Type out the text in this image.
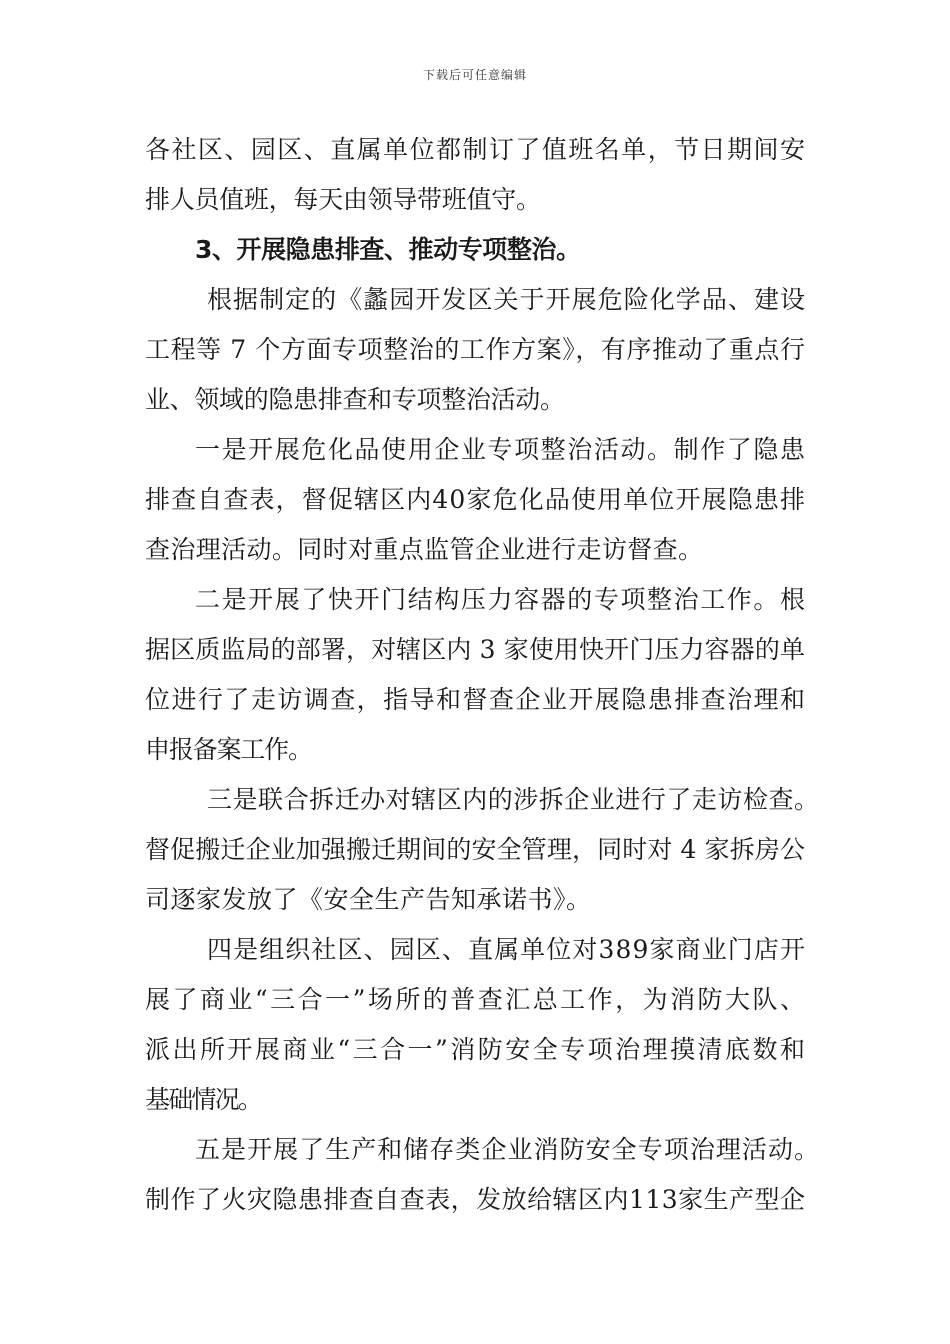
下载后可任意编辑
各社区、园区、直属单位都制订了值班名单，节日期间安
排人员值班，每天由领导带班值守。
3、开展隐患排查、推动专项整治。
根据制定的《蠡园开发区关于开展危险化学品、建设
工程等 7 个方面专项整治的工作方案》，有序推动了重点行
业、领域的隐患排查和专项整治活动。
一是开展危化品使用企业专项整治活动。制作了隐患
排查自查表，督促辖区内40家危化品使用单位开展隐患排
查治理活动。同时对重点监管企业进行走访督查。
二是开展了快开门结构压力容器的专项整治工作。根
据区质监局的部署，对辖区内 3 家使用快开门压力容器的单
位进行了走访调查，指导和督查企业开展隐患排查治理和
申报备案工作。
三是联合拆迁办对辖区内的涉拆企业进行了走访检查。
督促搬迁企业加强搬迁期间的安全管理，同时对 4 家拆房公
司逐家发放了《安全生产告知承诺书》。
四是组织社区、园区、直属单位对389家商业门店开
展了商业“三合一”场所的普查汇总工作，为消防大队、
派出所开展商业“三合一”消防安全专项治理摸清底数和
基础情况。
五是开展了生产和储存类企业消防安全专项治理活动。
制作了火灾隐患排查自查表，发放给辖区内113家生产型企
